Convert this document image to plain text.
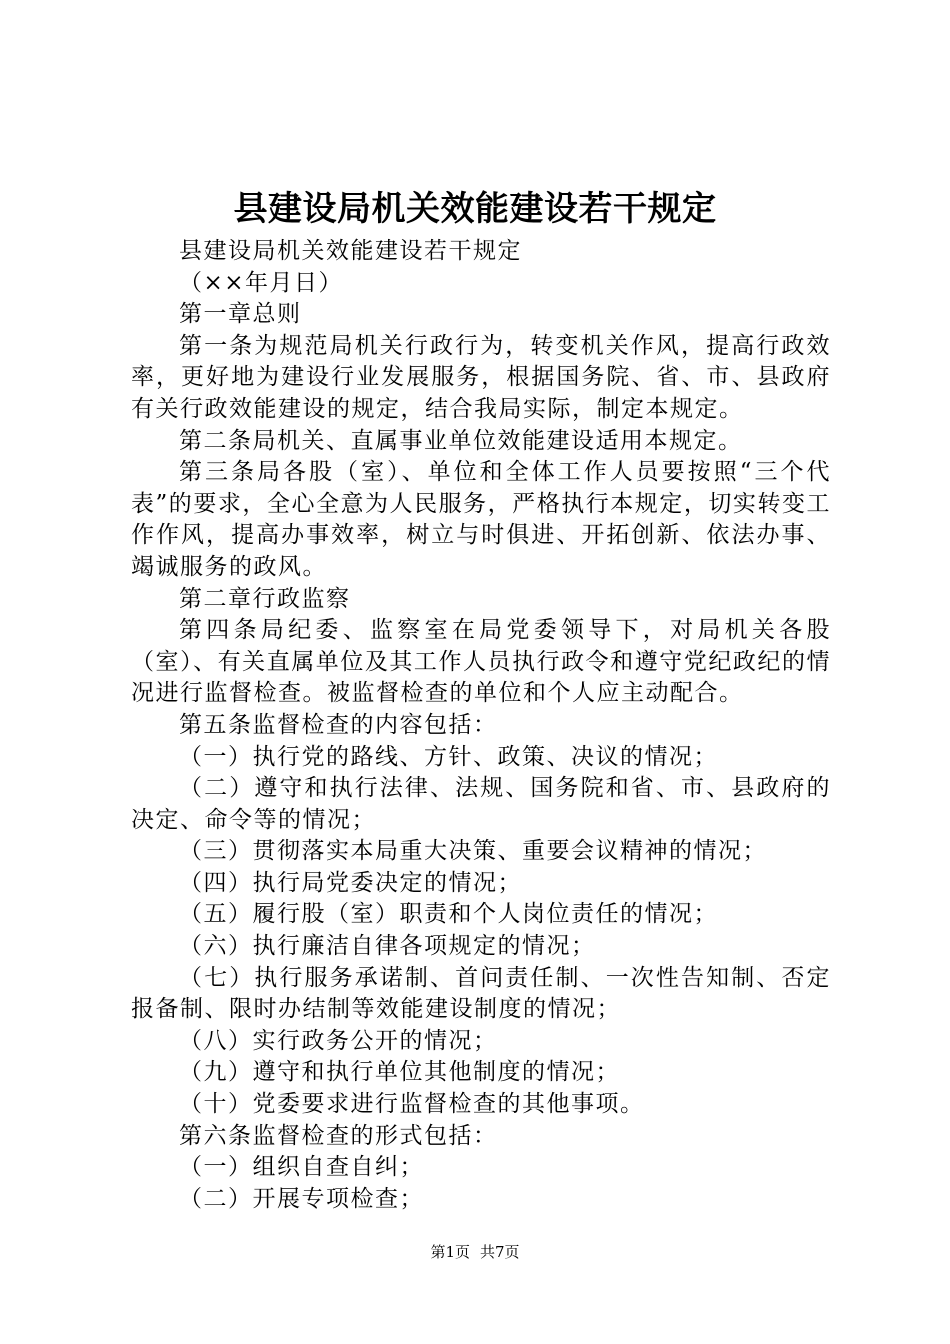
县建设局机关效能建设若干规定

县建设局机关效能建设若干规定

（××年月日）

第一章总则

第一条为规范局机关行政行为，转变机关作风，提高行政效率，更好地为建设行业发展服务，根据国务院、省、市、县政府有关行政效能建设的规定，结合我局实际，制定本规定。

第二条局机关、直属事业单位效能建设适用本规定。

第三条局各股（室）、单位和全体工作人员要按照“三个代表”的要求，全心全意为人民服务，严格执行本规定，切实转变工作作风，提高办事效率，树立与时俱进、开拓创新、依法办事、竭诚服务的政风。

第二章行政监察

第四条局纪委、监察室在局党委领导下，对局机关各股（室）、有关直属单位及其工作人员执行政令和遵守党纪政纪的情况进行监督检查。被监督检查的单位和个人应主动配合。

第五条监督检查的内容包括：

（一）执行党的路线、方针、政策、决议的情况；

（二）遵守和执行法律、法规、国务院和省、市、县政府的决定、命令等的情况；

（三）贯彻落实本局重大决策、重要会议精神的情况；

（四）执行局党委决定的情况；

（五）履行股（室）职责和个人岗位责任的情况；

（六）执行廉洁自律各项规定的情况；

（七）执行服务承诺制、首问责任制、一次性告知制、否定报备制、限时办结制等效能建设制度的情况；

（八）实行政务公开的情况；

（九）遵守和执行单位其他制度的情况；

（十）党委要求进行监督检查的其他事项。

第六条监督检查的形式包括：

（一）组织自查自纠；

（二）开展专项检查；

第1页 共7页
